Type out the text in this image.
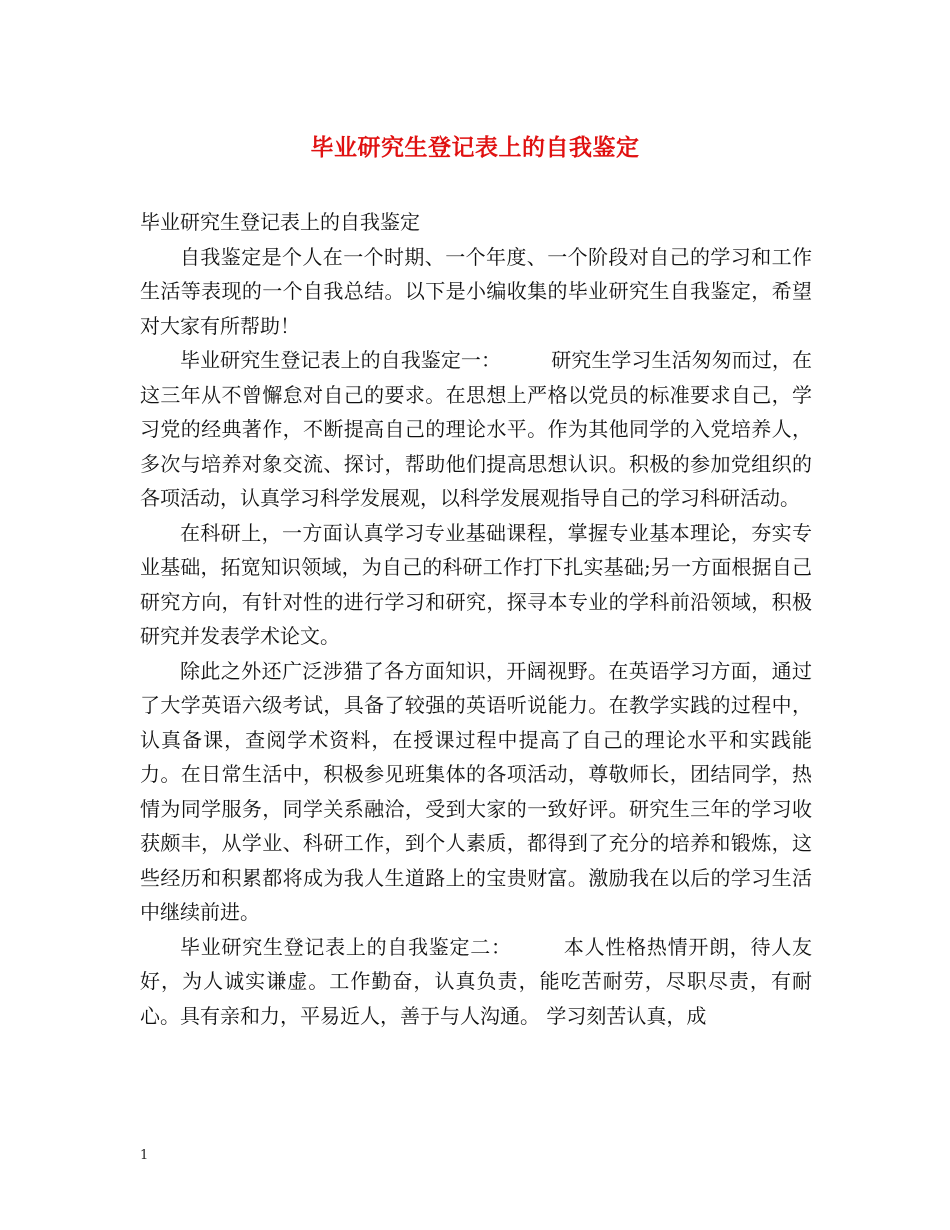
毕业研究生登记表上的自我鉴定

毕业研究生登记表上的自我鉴定

自我鉴定是个人在一个时期、一个年度、一个阶段对自己的学习和工作生活等表现的一个自我总结。以下是小编收集的毕业研究生自我鉴定，希望对大家有所帮助！

毕业研究生登记表上的自我鉴定一：　　　研究生学习生活匆匆而过，在这三年从不曾懈怠对自己的要求。在思想上严格以党员的标准要求自己，学习党的经典著作，不断提高自己的理论水平。作为其他同学的入党培养人，多次与培养对象交流、探讨，帮助他们提高思想认识。积极的参加党组织的各项活动，认真学习科学发展观，以科学发展观指导自己的学习科研活动。

在科研上，一方面认真学习专业基础课程，掌握专业基本理论，夯实专业基础，拓宽知识领域，为自己的科研工作打下扎实基础;另一方面根据自己研究方向，有针对性的进行学习和研究，探寻本专业的学科前沿领域，积极研究并发表学术论文。

除此之外还广泛涉猎了各方面知识，开阔视野。在英语学习方面，通过了大学英语六级考试，具备了较强的英语听说能力。在教学实践的过程中，认真备课，查阅学术资料，在授课过程中提高了自己的理论水平和实践能力。在日常生活中，积极参见班集体的各项活动，尊敬师长，团结同学，热情为同学服务，同学关系融洽，受到大家的一致好评。研究生三年的学习收获颇丰，从学业、科研工作，到个人素质，都得到了充分的培养和锻炼，这些经历和积累都将成为我人生道路上的宝贵财富。激励我在以后的学习生活中继续前进。

毕业研究生登记表上的自我鉴定二：　　　本人性格热情开朗，待人友好，为人诚实谦虚。工作勤奋，认真负责，能吃苦耐劳，尽职尽责，有耐心。具有亲和力，平易近人，善于与人沟通。 学习刻苦认真，成

1
